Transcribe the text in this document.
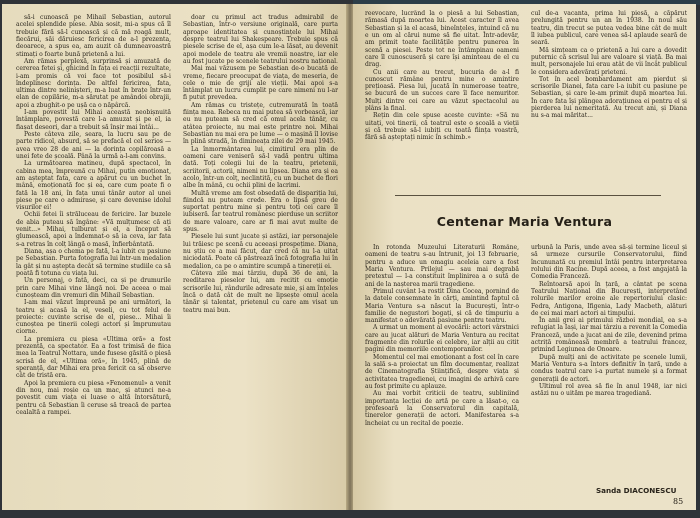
să-i cunoască pe Mihail Sebastian, autorul acelei splendide piese. Abia sosit, mi-a spus că îl trebuie fără să-l cunoască și că mă roagă mult, fiecărui, săi dăruiesc fericirea de a-l prezenta, deoarece, a spus ea, am auzit că dumneavoastră stimați o foarte bună prietenă a lui.

Am rămas perplexă, surprinsă și amuzată de cererea fetei și, ghicind în fața ei reacții rezultate, i-am promis că voi face tot posibilul să-i îndeplinesc dorința. De altfel fericirea, fata, ultima dintre nelinișteri, m-a luat în brațe într-un elan de copilărie, m-a sărutat pe amândoi obrajii, apoi a zbughit-o pe ușă ca o năpârcă.

I-am povestit lui Mihai această neobișnuită întâmplare, povestă care l-a amuzat și pe el, ia fiașat deseori, dar a trebuit să înșir mai întâi...

Peste câteva zile, seara, la lucru sau pe de parte ridicol, absurd, să se prefacă el cel serios — avea vreo 28 de ani — la dorința copilăroasă a unei fete de școală. Până la urmă a-l-am convins.

La următoarea matineu, după spectacol, în cabina mea, împreună cu Mihai, putin emoționat, am așteptat fata, care a apărut cu un buchet în mână, emoționată foc și ea, care cum poate fi o fată la 18 ani, în fața unui tânăr autor al unei piese pe care o admirase, și care devenise idolul visurilor ei!

Ochii fetei îi străluceau de fericire. Iar buzele de abia puteau să îngâne: «Vă mulțumesc că ați venit...» Mihai, tulburat și el, a început să glumească, apoi a îndemnat-o să ia ceva, iar fata s-a retras în colț lângă o masă, înfierbântată.

Diana, așa o chema pe fată, l-a iubit cu pasiune pe Sebastian. Purta fotografia lui într-un medalion la gât și nu aștepta decât să termine studiile ca să poată fi totuna cu viața lui.

Un personaj, o fată, deci, ca și pe drumurile prin care Mihai vine lângă noi. De aceea o mai cunoșteam din vremuri din Mihail Sebastian.

I-am mai văzut împreună pe ani următori, la teatru și acasă la el, veseli, cu tot felul de proiecte: cuvinte scrise de el, piese... Mihai îi cunoștea pe tinerii colegi actori și împrumutau ciorne.

La premiera cu piesa «Ultima oră» a fost prezentă, ca spectator. Ea a fost trimisă de fiica mea la Teatrul Nottara, unde fusese găsită o piesă scrisă de el, «Ultima oră», în 1945, plină de speranță, dar Mihai era prea fericit ca să observe cât de tristă era.

Apoi la premiera cu piesa «Fenomenul» a venit din nou, mai roșie ca un mac, și atunci ne-a povestit cum viața ei luase o altă întorsătură, pentru că Sebastian îi ceruse să treacă de partea cealaltă a rampei.

doar cu primul act tradus admirabil de Sebastian, într-o versiune originală, care purta aproape identitatea și cunoștințele lui Mihai despre teatrul lui Shakespeare. Trebuie spus că piesele scrise de el, așa cum le-a lăsat, au devenit apoi modele de teatru ale vremii noastre, iar ele au fost jucate pe scenele teatrului nostru național.

Mai mai văzusem pe Sebastian de-o bucată de vreme, fiecare preocupat de viața, de meseria, de cele o mie de griji ale vieții. Mai apoi s-a întâmplat un lucru cumplit pe care nimeni nu l-ar fi putut prevedea.

Am rămas cu tristețe, cutremurată în toată ființa mea. Rebeca nu mai putea să vorbească, iar eu nu puteam să cred că omul acela tânăr, cu atâtea proiecte, nu mai este printre noi. Mihai Sebastian nu mai era pe lume — o mașină îl lovise în plină stradă, în dimineața zilei de 29 mai 1945.

La înmormântarea lui, cimitirul era plin de oameni care veniseră să-l vadă pentru ultima dată. Toți colegii lui de la teatru, prietenii, scriitorii, actorii, nimeni nu lipsea. Diana era și ea acolo, într-un colț, neclintită, cu un buchet de flori albe în mână, cu ochii plini de lacrimi.

Multă vreme am fost obsedată de dispariția lui, fiindcă nu puteam crede. Era o lipsă greu de suportat pentru mine și pentru toți cei care îl iubiseră. Iar teatrul românesc pierduse un scriitor de mare valoare, care ar fi mai avut multe de spus.

Piesele lui sunt jucate și astăzi, iar personajele lui trăiesc pe scenă cu aceeași prospețime. Diana, nu știu ce a mai făcut, dar cred că nu l-a uitat niciodată. Poate că păstrează încă fotografia lui în medalion, ca pe o amintire scumpă a tinereții ei.

Câteva zile mai târziu, după 36 de ani, la reeditarea pieselor lui, am recitit cu emoție scrisorile lui, rândurile adresate mie, și am înțeles încă o dată cât de mult ne lipsește omul acela tânăr și talentat, prietenul cu care am visat un teatru mai bun.

reevocare, lucrând la o piesă a lui Sebastian, rămasă după moartea lui. Acest caracter îl avea Sebastian și la el acasă, bineînțeles, intuind că nu e un om al cărui nume să fie uitat. Într-adevăr, am primit toate facilitățile pentru punerea în scenă a piesei. Peste tot ne întâmpinau oameni care îl cunoscuseră și care își aminteau de el cu drag.

Cu anii care au trecut, bucuria de a-l fi cunoscut rămâne pentru mine o amintire prețioasă. Piesa lui, jucată în numeroase teatre, se bucură de un succes care îl face nemuritor. Mulți dintre cei care au văzut spectacolul au plâns la final.

Rețin din cele spuse aceste cuvinte: «Să nu uitați, voi tinerii, că teatrul este o școală a vieții și că trebuie să-l iubiți cu toată ființa voastră, fără să așteptați nimic în schimb.»

cul de-a vacanta, prima lui piesă, a căpărut prelungită pentru un an în 1938. În noul său teatru, din trecut se putea vedea bine cât de mult îl iubea publicul, care venea să-l aplaude seară de seară.

Mă simțeam ca o prietenă a lui care a dovedit puternic că scrisul lui are valoare și viață. Ba mai mult, personajele lui erau atât de vii încât publicul le considera adevărați prieteni.

Tot în acel bombardament am pierdut și scrisorile Dianei, fata care l-a iubit cu pasiune pe Sebastian, și care le-am primit după moartea lui. În care fata își plângea adorațiunea ei pentru el și pierderea lui nemeritată. Au trecut ani, și Diana nu s-a mai măritat...

Centenar Maria Ventura

În rotonda Muzeului Literaturii Române, oameni de teatru s-au întrunit, joi 13 februarie, pentru a aduce un omagiu aceleia care a fost Maria Ventura. Prilejul — sau mai degrabă pretextul — l-a constituit împlinirea a o sută de ani de la nașterea marii tragediene.

Primul cuvânt l-a rostit Dina Cocea, pornind de la datele consemnate în cărți, amintind faptul că Maria Ventura s-a născut la București, într-o familie de negustori bogați, și că de timpuriu a manifestat o adevărată pasiune pentru teatru.

A urmat un moment al evocării: actori vârstnici care au jucat alături de Maria Ventura au recitat fragmente din rolurile ei celebre, iar alții au citit pagini din memoriile contemporanilor.

Momentul cel mai emoționant a fost cel în care la sală s-a proiectat un film documentar, realizat de Cinematografia Științifică, despre viața și activitatea tragedienei, cu imagini de arhivă care au fost primite cu aplauze.

Au mai vorbit criticii de teatru, subliniind importanța lecției de artă pe care a lăsat-o, ca profesoară la Conservatorul din capitală, tinerelor generații de actori. Manifestarea s-a încheiat cu un recital de poezie.

urbună la Paris, unde avea să-și termine liceul și să urmeze cursurile Conservatorului, fiind încununată cu premiul întâi pentru interpretarea rolului din Racine. După aceea, a fost angajată la Comedia Franceză.

Reîntoarsă apoi în țară, a cântat pe scena Teatrului Național din București, interpretând rolurile marilor eroine ale repertoriului clasic: Fedra, Antigona, Ifigenia, Lady Macbeth, alături de cei mai mari actori ai timpului.

În anii grei ai primului război mondial, ea s-a refugiat la Iași, iar mai târziu a revenit la Comedia Franceză, unde a jucat ani de zile, devenind prima actriță româneasă membră a teatrului francez, primind Legiunea de Onoare.

După mulți ani de activitate pe scenele lumii, Maria Ventura s-a întors definitiv în țară, unde a condus teatrul care i-a purtat numele și a format generații de actori.

Ultimul rol avea să fie în anul 1948, iar nici astăzi nu o uităm pe marea tragediană.

Sanda DIACONESCU
85
